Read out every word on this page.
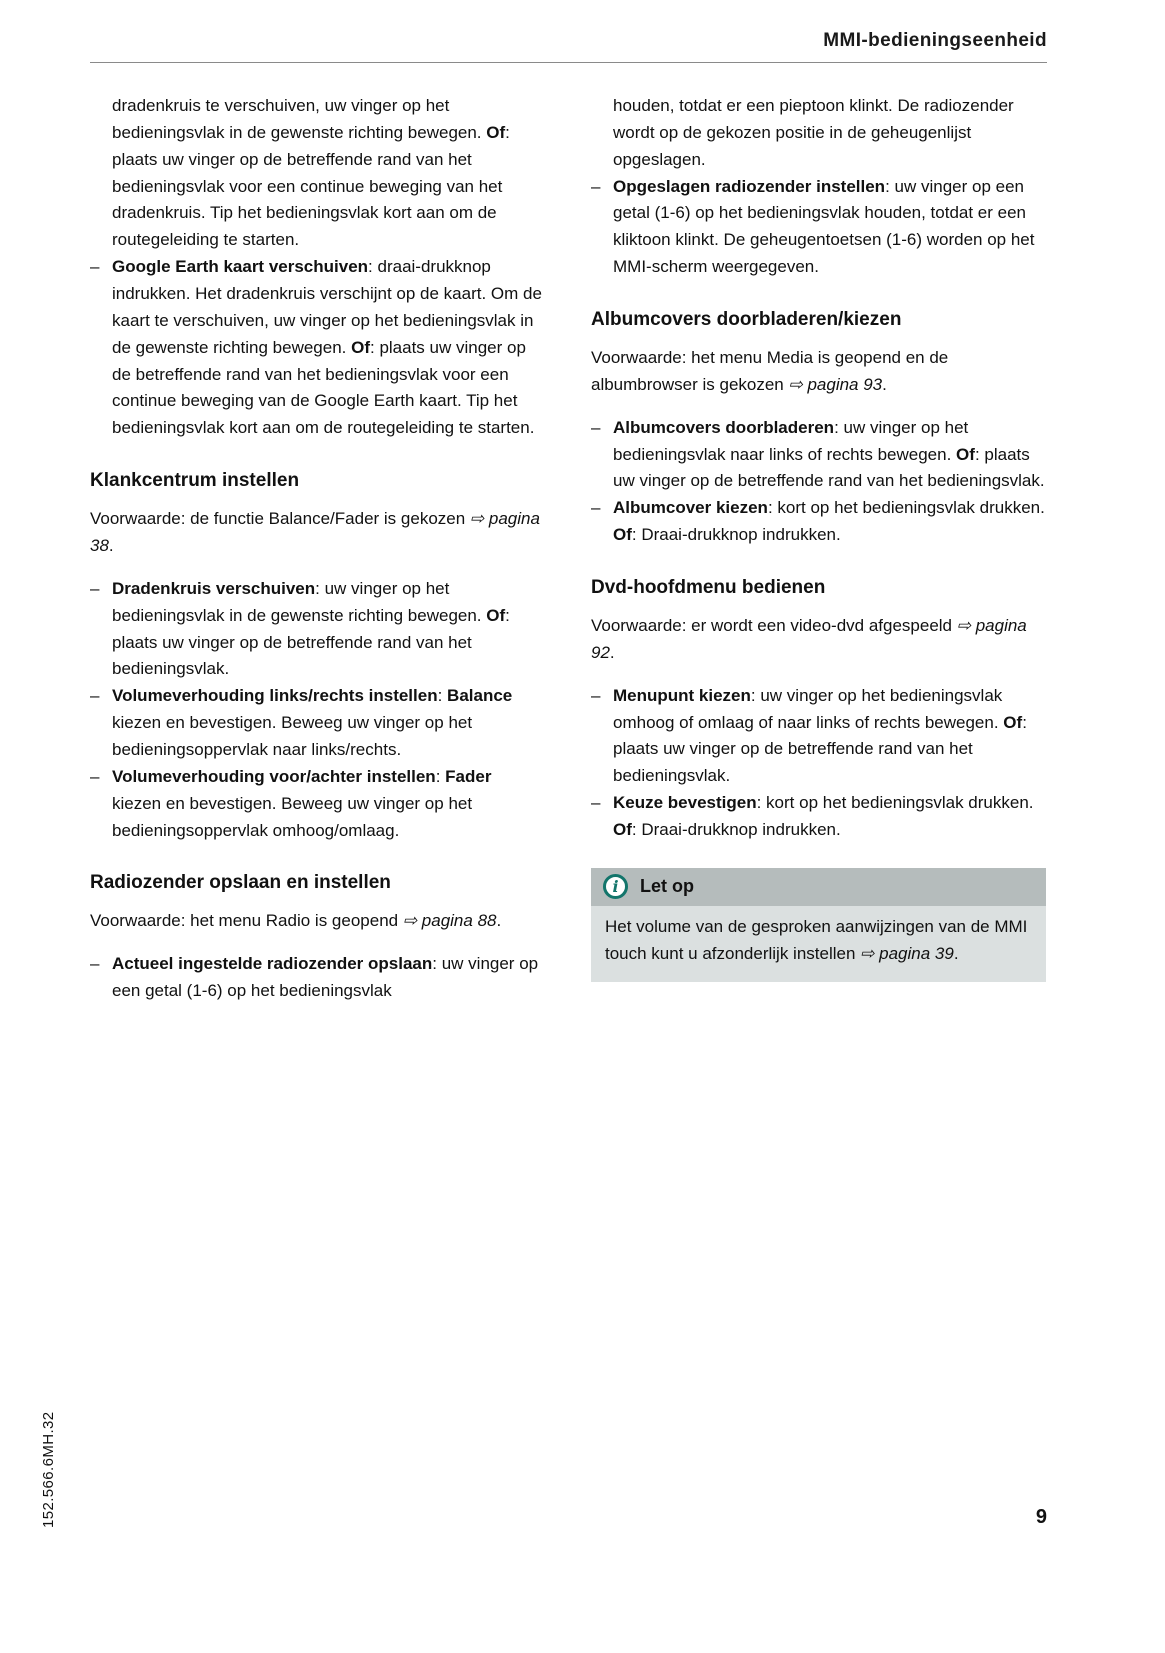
MMI-bedieningseenheid

dradenkruis te verschuiven, uw vinger op het bedieningsvlak in de gewenste richting bewegen. Of: plaats uw vinger op de betreffende rand van het bedieningsvlak voor een continue beweging van het dradenkruis. Tip het bedieningsvlak kort aan om de routegeleiding te starten.

– Google Earth kaart verschuiven: draai-drukknop indrukken. Het dradenkruis verschijnt op de kaart. Om de kaart te verschuiven, uw vinger op het bedieningsvlak in de gewenste richting bewegen. Of: plaats uw vinger op de betreffende rand van het bedieningsvlak voor een continue beweging van de Google Earth kaart. Tip het bedieningsvlak kort aan om de routegeleiding te starten.
Klankcentrum instellen

Voorwaarde: de functie Balance/Fader is gekozen ⇨ pagina 38.

– Dradenkruis verschuiven: uw vinger op het bedieningsvlak in de gewenste richting bewegen. Of: plaats uw vinger op de betreffende rand van het bedieningsvlak.
– Volumeverhouding links/rechts instellen: Balance kiezen en bevestigen. Beweeg uw vinger op het bedieningsoppervlak naar links/rechts.
– Volumeverhouding voor/achter instellen: Fader kiezen en bevestigen. Beweeg uw vinger op het bedieningsoppervlak omhoog/omlaag.
Radiozender opslaan en instellen

Voorwaarde: het menu Radio is geopend ⇨ pagina 88.

– Actueel ingestelde radiozender opslaan: uw vinger op een getal (1-6) op het bedieningsvlak

houden, totdat er een pieptoon klinkt. De radiozender wordt op de gekozen positie in de geheugenlijst opgeslagen.

– Opgeslagen radiozender instellen: uw vinger op een getal (1-6) op het bedieningsvlak houden, totdat er een kliktoon klinkt. De geheugentoetsen (1-6) worden op het MMI-scherm weergegeven.
Albumcovers doorbladeren/kiezen

Voorwaarde: het menu Media is geopend en de albumbrowser is gekozen ⇨ pagina 93.

– Albumcovers doorbladeren: uw vinger op het bedieningsvlak naar links of rechts bewegen. Of: plaats uw vinger op de betreffende rand van het bedieningsvlak.
– Albumcover kiezen: kort op het bedieningsvlak drukken. Of: Draai-drukknop indrukken.
Dvd-hoofdmenu bedienen

Voorwaarde: er wordt een video-dvd afgespeeld ⇨ pagina 92.

– Menupunt kiezen: uw vinger op het bedieningsvlak omhoog of omlaag of naar links of rechts bewegen. Of: plaats uw vinger op de betreffende rand van het bedieningsvlak.
– Keuze bevestigen: kort op het bedieningsvlak drukken. Of: Draai-drukknop indrukken.
i	Let op

Het volume van de gesproken aanwijzingen van de MMI touch kunt u afzonderlijk instellen ⇨ pagina 39.

152.566.6MH.32	9
